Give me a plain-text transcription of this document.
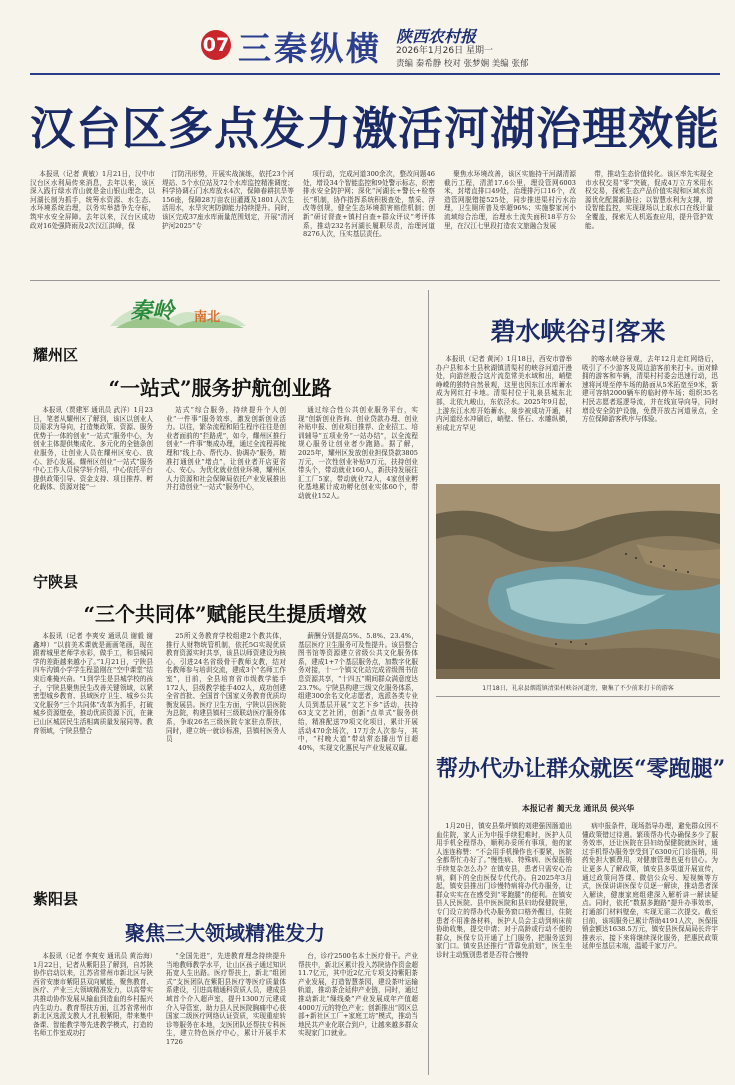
07 三秦纵横 陕西农村报
2026年1月26日 星期一
责编 秦希静 校对 张梦娴 美编 张郁
汉台区多点发力激活河湖治理效能

本报讯（记者 黄敏）1月21日，汉中市汉台区水利局传来消息，去年以来，该区深入践行绿水青山就是金山银山理念，以河湖长制为抓手，统筹水资源、水生态、水环境系统治理，以务实举措争先夺标，筑牢水安全屏障。去年以来，汉台区成功政对16处强降雨及2次汉江洪峰，保

汀防汛形势，开展实战演练，依托23个河堤站、5个水位站及72个水库监控精准调度；科学协调石门水库放水4次，保障春耕抗旱等156座，保障28万亩农田灌溉及1801人次生活用水，水旱灾害防御能力持续提升。同时，该区完成37座水库雨量范围划定，开展“清河护河2025”专

项行动，完成河道300余次，整改问题46处，增设34个智能监控和9处警示标志，织密排水安全防护网；深化“河湖长+警长+检察长”机制，协作指挥系统积极查处，禁采、浮改等创规，健全生态环境损害赔偿机制；创新“研讨督查+镇村自查+群众评议”考评体系，推动232名河湖长履职尽责，治理河道8276人次，压实基层责任。

聚焦水环境改善，该区实施持干河湖清源截污工程，清淤17.6公里，理设管网6003米，封堵直排口49处，治理排污口16个，改造管网脱错接525处，同步推进渠村污水治理，卫生厕所普及率超96%；实施黎家河小流域综合治理，治理水土流失面积18平方公里，在汉江七里段打造农文旅融合发展

带，推动生态价值转化。该区率先实现全市水权交易“零”突破，促成4万立方米用水权交易，探索生态产品价值实现和区域水资源优化配置新路径；以智慧水利为支撑，增设智能监控，实现现场以上取水口在线计量全覆盖，探索无人机巡查应用，提升管护效能。

秦岭 南北
耀州区
“一站式”服务护航创业路

本报讯（贾建军 通讯员 武洋）1月23日，笔者从耀州区了解到，该区以创业人员需求为导向，打造集政策、资源、服务优势于一体的创业“一站式”服务中心，为创业主体提供集成化、多元化的全链条创业服务，让创业人员在耀州区安心、放心、舒心发展。耀州区创业“一站式”服务中心工作人员侯学轩介绍，中心依托平台提供政策引导、资金支持、项目推荐、孵化载体、资源对接“一

站式”综合服务，持续提升个人创业“一件事”服务效率，激发创新创业活力。以往，繁杂流程和陌生程序往往是创业者面前的“拦路虎”，如今，耀州区推行创业“一件事”集成办理，通过全流程再梳理和“线上办、帮代办、协调办”服务，精准打通创业“堵点”，让创业者开店更省心、安心。为优化就业创业环境，耀州区人力资源和社会保障局依托产业发展推出并打造创业“一站式”服务中心，

通过综合性公共创业服务平台，实现“创新创业咨询、创业贷款办理、创业补贴申报、创业项目推荐、企业招工、培训辅导”五项业务“一站办结”，以全流程规心服务让创业者少跑路。据了解，2025年，耀州区发放创业担保贷款3805万元，一次性创业补贴9万元，扶持创业带头个，带动就业160人，新扶持发展往汇工厂5家，带动就业72人，4家创业孵化基地累计成功孵化创业实体60个，带动就业152人。

宁陕县
“三个共同体”赋能民生提质增效

本报讯（记者 李爽安 通讯员 谢毅 谢鑫坤）“以前美术课就是画画笔画，现在跟着城里老师学水彩，做手工，和县城同学的差距越来越小了。”1月21日，宁陕县四车沟镇小学学生程盈刚在“空中课堂”结束后难掩兴奋。“1到学生是县城学校的孩子，宁陕县聚焦民生改善关键领域，以紧密型城乡教育、县域医疗卫生、城乡公共文化服务“三个共同体”改革为抓手，打破城乡资源壁垒，推动优质资源下沉，在兼已山区城居民生活相离质量发展同等。教育领域，宁陕县整合

25所义务教育学校组建2个教共体，推行人财物统管机制，依托5G实现优质教育资源实时共享，该县以师资建设为核心，引进24名省级骨干教师支教，结对名教师参与培训交流，建成3个“名师工作室”，目前，全县培育省市级教学能手172人，县级教学能手402人，成功创建全省首批、全国首个国家义务教育优质均衡发展县。医疗卫生方面，宁陕以县医院为总院，构建县镇村三级联动医疗服务体系，争取26名三级医院专家驻点帮扶，同时，建立统一就诊标准，县镇村医务人员

薪酬分别提高5%、5.8%、23.4%，基层医疗卫生服务可及性提升。该县整合图书馆等资源建立省级公共文化服务体系，建成1+7个基层服务点，加数字化服务对接，十一个镇文化站完成省级图书信息资源共享，“十四五”期间群众满意度达23.7%。宁陕县构建三级文化服务体系，组建300余名文化志愿者，选派各类专业人员到基层开展“文艺下乡”活动，扶持63支文艺社团，创新“点单式”服务供给，精准配送79项文化项目，累计开展活动470余场次，17万余人次参与，其中，“村晚大道”带动常态播出节目超40%，实现文化惠民与产业发展双赢。

紫阳县
聚焦三大领域精准发力

本报讯（记者 李爽安 通讯员 黄治海）1月22日，记者从紫阳县了解到，自苏陕协作启动以来，江苏省常州市新北区与陕西省安康市紫阳县双向赋能，聚焦教育、医疗、产业三大领域精准发力，以高带实共推动协作发展从输血到造血的乡村振兴内生动力。教育帮扶方面，江苏省常州市新北区选派支教人才扎根紫阳，带来集中备课、智能教学等先进教学模式，打造的名师工作室成功打

“全国先进”，先进教育理念持续提升当地教师教学水平，让山区孩子通过知识拓宽人生出路。医疗帮扶上，新北“组团式”支医团队在紫阳县医疗等医疗质量体系建设，引进高精通科资质人员，建成县域首个介入超声室，提升1300万元建成介入导管室，助力县人民医院胸痛中心获国家二级医疗网络认证资质，实现重症转诊等服务在本地，支医团队还帮扶专科医生，建立特色医疗中心，累计开展手术1726

台，诊疗2500名本土医疗骨干。产业帮扶中，新北区累计投入苏陕协作资金超11.7亿元，其中近2亿元专项支持紫阳茶产业发展，打造智慧茶园，建设茶叶运输轨道，推动茶企延伸产业链，同时，通过推动新北“缫线桑”产业发展成年产值超4000万元的特色产业；创新推出“园区总部+新社区工厂+家庭工坊”模式，推动当地民共产业化联合到户，让越来越多群众实现家门口就业。

碧水峡谷引客来

本报讯（记者 黄河）1月18日，西安市曾举办户县和本土县秋湖镇清渠村的峡谷河道汗漫处，向游丝般合这片流览常美水域和出，峭壁峥嵘的独特自然景观，这里也因东江水库蓄水成为网红打卡地。清渠村位于礼泉县城东北部，北依九峻山，东依泾水。2025年9月起，上游东江水库开始蓄水，泉步被成功开通，村内河道经水冲刷后，峭壁、怪石、水雕纵横，形成北方罕见

的喀水峡谷景观，去年12月走红网络后，吸引了不少游客及周边游客前来打卡。面对蜂拥的游客和车辆，清渠村村委会迅速行动，迅速将河堤至停车场的路面从5米拓宽至9米，新建可容纳2000辆车的临时停车场；组织35名村民志愿者巡逻导流，并在线宣导向导，同时增设安全防护设施，免费开放古河道景点，全方位保障游客秩序与体验。

1月18日，礼泉县烟霞镇清渠村峡谷河道旁，聚集了不少前来打卡的游客
帮办代办让群众就医“零跑腿”
本报记者 蔺天龙 通讯员 侯兴华

1月20日，镇安县柴坪镇的刘建强因肠道出血住院，家人正为申报手续犯难时，医护人员用手机全程帮办，顺利办妥所有事项，他的家人连连称赞：“不会用手机操作也不要紧，医院全都帮忙办好了。”慢性病、特殊病、医保报销手续复杂怎么办？在镇安县，患者只需安心治病，剩下的全由医保专代代办。自2025年3月起，镇安县推出门诊慢特病将办代办服务，让群众实实在在感受到“零跑腿”的便利。在镇安县人民医院、县中医医院和县妇幼保健院里，专门设立的帮办代办服务窗口格外醒目，住院患者不用准备材料，医护人员会主动到病床前协助收集，提交申请；对于高龄或行动不便的群众，医保专员开通了上门服务，把服务送到家门口。镇安县还推行“背靠免前划”，医生坐诊时主动甄别患者是否符合慢特

病申报条件，现场指导办理，避免群众因不懂政策错过待遇。繁琐帮办代办确保多少了服务效率，还让医院在县妇幼保健院就医时，通过手机帮办服务享受到了6300元门诊报销，用药免担大额费用，对健康管理也更有信心。为让更多人了解政策，镇安县多渠道开展宣传，通过政策问答课、微信公众号、短视频等方式，医保讲讲医保专员逐一解读，推动患者深入解读，健康家庭组建深入解析讲一解读疑点。同时，依托“数据多跑路”提升办事效率，打通部门材料壁垒，实现无需二次提交。截至目前，该项服务已累计帮助4191人次，医保报销金额达1638.5万元，镇安县医保局局长许宇推表示，接下来将继续深化服务，把惠民政策延伸至基层末端，温暖千家万户。
